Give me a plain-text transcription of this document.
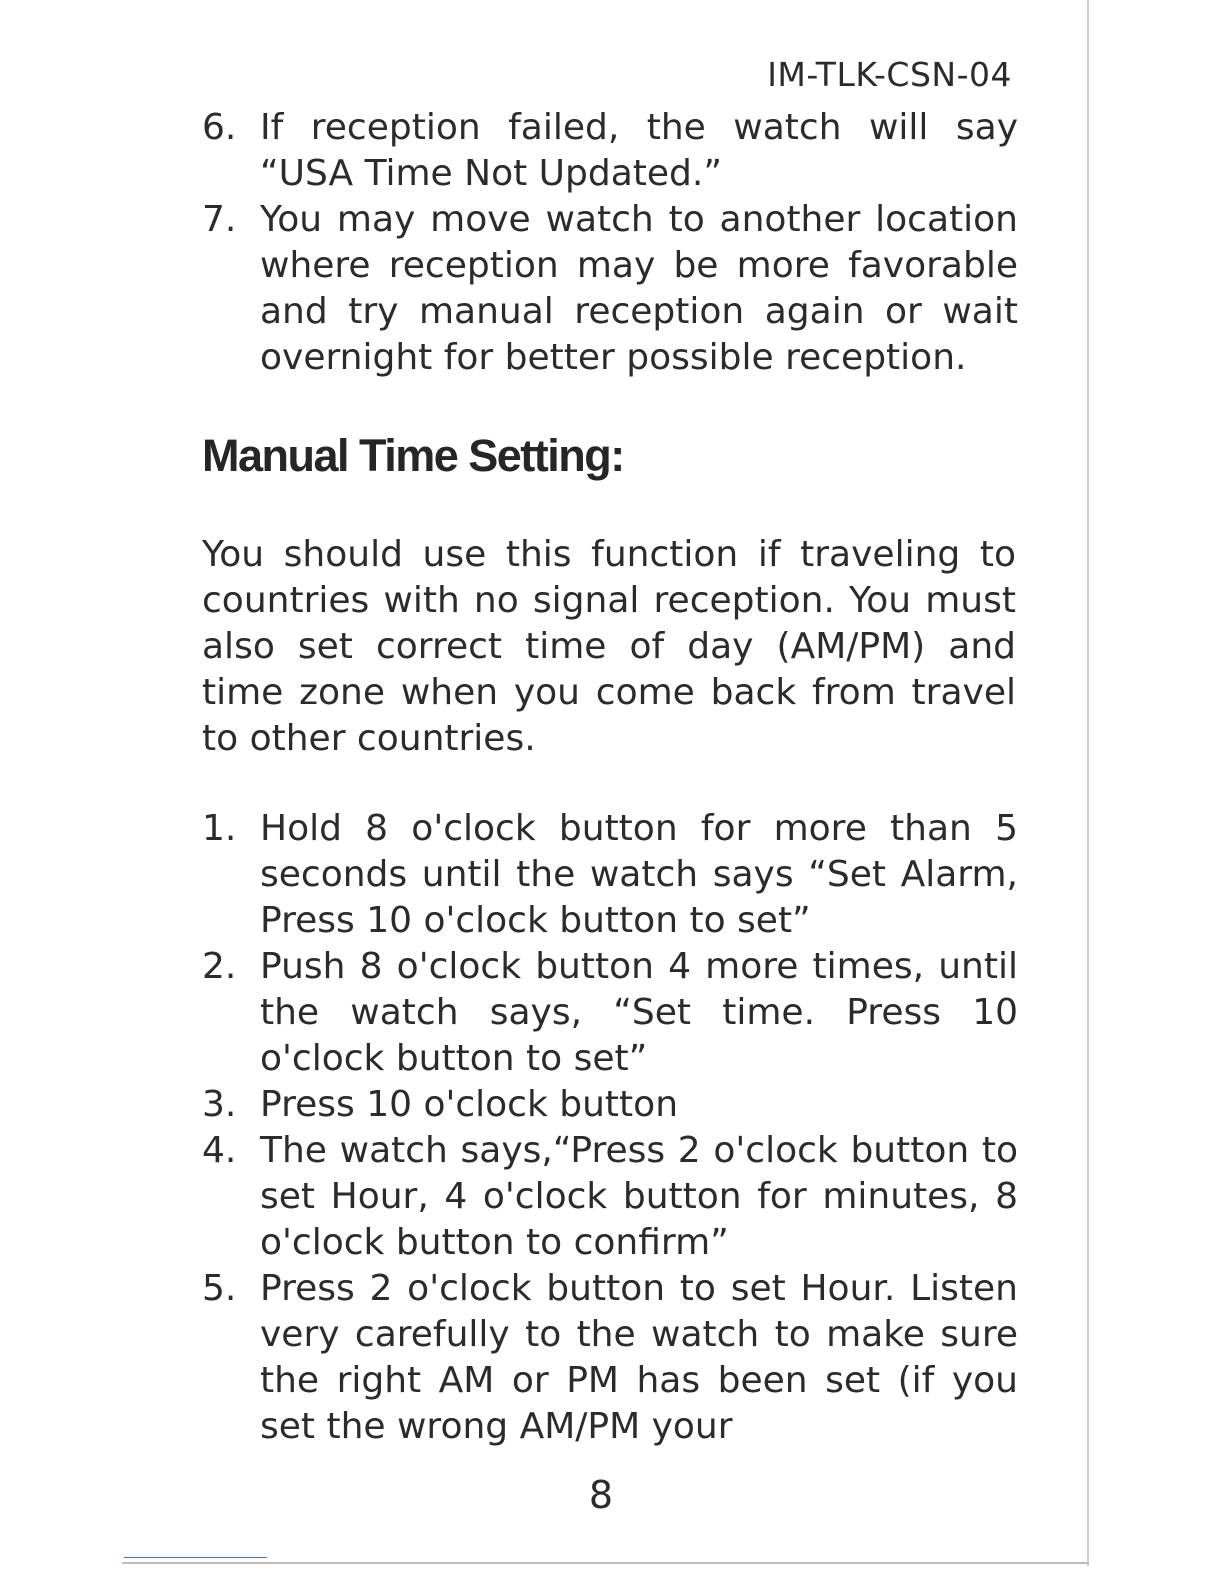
IM-TLK-CSN-04
6. If reception failed, the watch will say “USA Time Not Updated.”
7. You may move watch to another location where reception may be more favorable and try manual reception again or wait overnight for better possible reception.
Manual Time Setting:

You should use this function if traveling to countries with no signal reception. You must also set correct time of day (AM/PM) and time zone when you come back from travel to other countries.

1. Hold 8 o'clock button for more than 5 seconds until the watch says “Set Alarm, Press 10 o'clock button to set”
2. Push 8 o'clock button 4 more times, until the watch says, “Set time. Press 10 o'clock button to set”
3. Press 10 o'clock button
4. The watch says,“Press 2 o'clock button to set Hour, 4 o'clock button for minutes, 8 o'clock button to confirm”
5. Press 2 o'clock button to set Hour. Listen very carefully to the watch to make sure the right AM or PM has been set (if you set the wrong AM/PM your
8
